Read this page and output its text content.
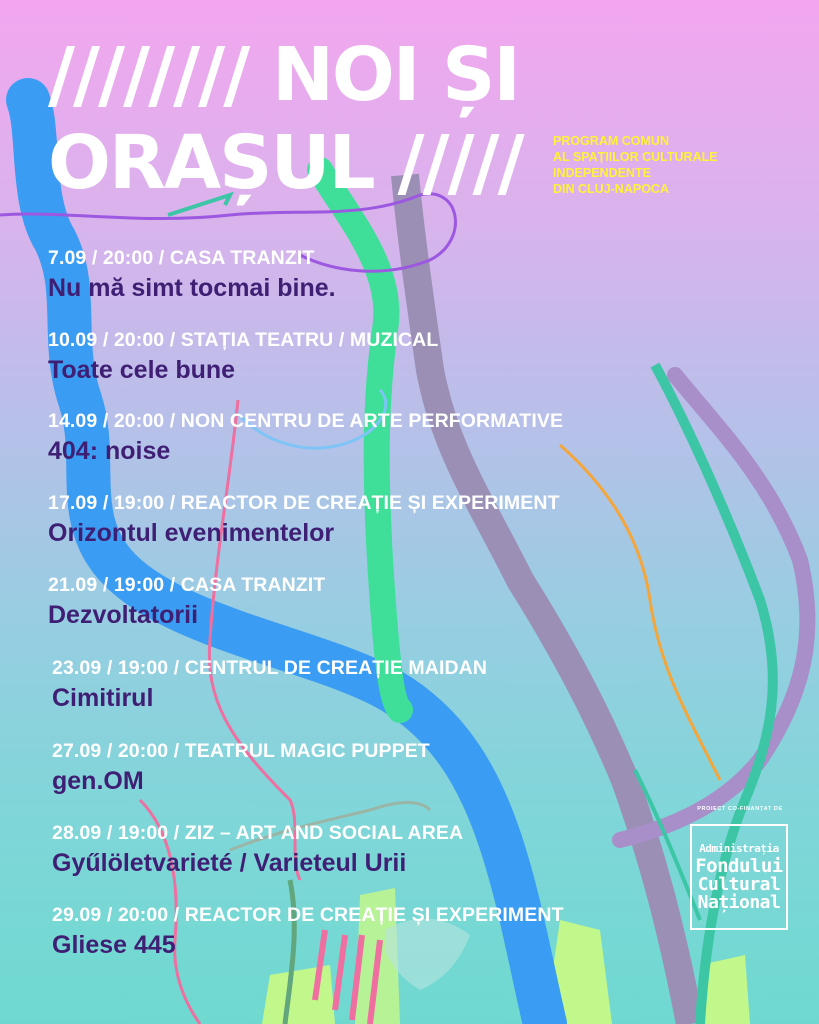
//////// NOI ȘI
ORAȘUL ///// PROGRAM COMUN
AL SPAȚIILOR CULTURALE
INDEPENDENTE
DIN CLUJ-NAPOCA
7.09 / 20:00 / CASA TRANZIT
Nu mă simt tocmai bine.
10.09 / 20:00 / STAȚIA TEATRU / MUZICAL
Toate cele bune
14.09 / 20:00 / NON CENTRU DE ARTE PERFORMATIVE
404: noise
17.09 / 19:00 / REACTOR DE CREAȚIE ȘI EXPERIMENT
Orizontul evenimentelor
21.09 / 19:00 / CASA TRANZIT
Dezvoltatorii
23.09 / 19:00 / CENTRUL DE CREAȚIE MAIDAN
Cimitirul
27.09 / 20:00 / TEATRUL MAGIC PUPPET
gen.OM
28.09 / 19:00 / ZIZ – ART AND SOCIAL AREA
Gyűlöletvarieté / Varieteul Urii
29.09 / 20:00 / REACTOR DE CREAȚIE ȘI EXPERIMENT
Gliese 445
PROIECT CO-FINANȚAT DE
Administrația
Fondului
Cultural
Național
